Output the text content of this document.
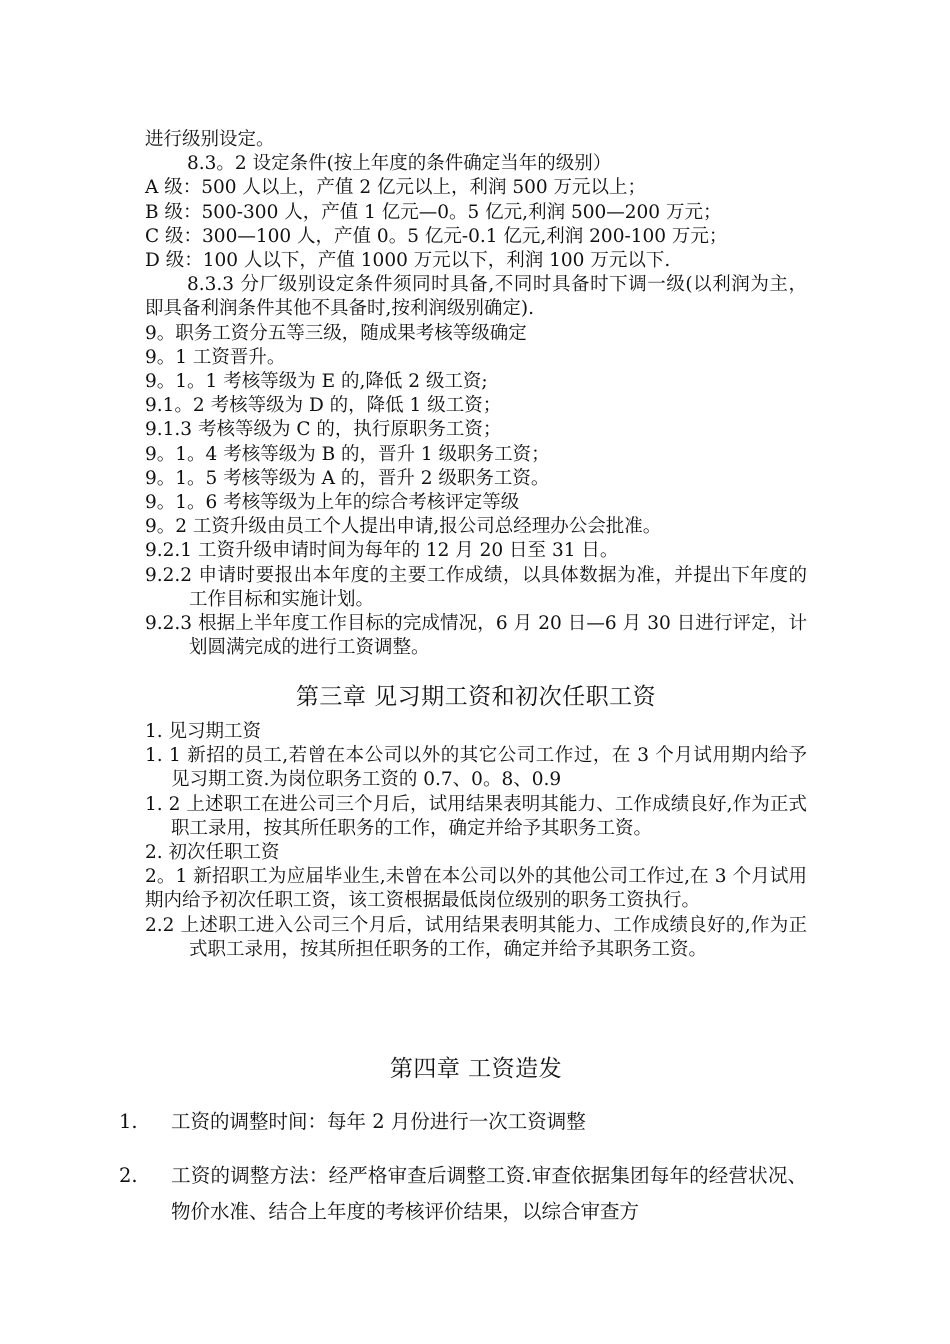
进行级别设定。

8.3。2 设定条件(按上年度的条件确定当年的级别）

A 级：500 人以上，产值 2 亿元以上，利润 500 万元以上；

B 级：500-300 人，产值 1 亿元—0。5 亿元,利润 500—200 万元；

C 级：300—100 人，产值 0。5 亿元-0.1 亿元,利润 200-100 万元；

D 级：100 人以下，产值 1000 万元以下，利润 100 万元以下.

8.3.3 分厂级别设定条件须同时具备,不同时具备时下调一级(以利润为主，即具备利润条件其他不具备时,按利润级别确定).

9。职务工资分五等三级，随成果考核等级确定

9。1 工资晋升。

9。1。1 考核等级为 E 的,降低 2 级工资;

9.1。2 考核等级为 D 的，降低 1 级工资；

9.1.3 考核等级为 C 的，执行原职务工资；

9。1。4 考核等级为 B 的，晋升 1 级职务工资；

9。1。5 考核等级为 A 的，晋升 2 级职务工资。

9。1。6 考核等级为上年的综合考核评定等级

9。2 工资升级由员工个人提出申请,报公司总经理办公会批准。

9.2.1 工资升级申请时间为每年的 12 月 20 日至 31 日。

9.2.2 申请时要报出本年度的主要工作成绩，以具体数据为准，并提出下年度的工作目标和实施计划。

9.2.3 根据上半年度工作目标的完成情况，6 月 20 日—6 月 30 日进行评定，计划圆满完成的进行工资调整。

第三章 见习期工资和初次任职工资

1. 见习期工资

1. 1 新招的员工,若曾在本公司以外的其它公司工作过，在 3 个月试用期内给予见习期工资.为岗位职务工资的 0.7、0。8、0.9

1. 2 上述职工在进公司三个月后，试用结果表明其能力、工作成绩良好,作为正式职工录用，按其所任职务的工作，确定并给予其职务工资。

2. 初次任职工资

2。1 新招职工为应届毕业生,未曾在本公司以外的其他公司工作过,在 3 个月试用期内给予初次任职工资，该工资根据最低岗位级别的职务工资执行。

2.2 上述职工进入公司三个月后，试用结果表明其能力、工作成绩良好的,作为正式职工录用，按其所担任职务的工作，确定并给予其职务工资。

第四章 工资造发

1. 工资的调整时间：每年 2 月份进行一次工资调整

2. 工资的调整方法：经严格审查后调整工资.审查依据集团每年的经营状况、物价水准、结合上年度的考核评价结果，以综合审查方
